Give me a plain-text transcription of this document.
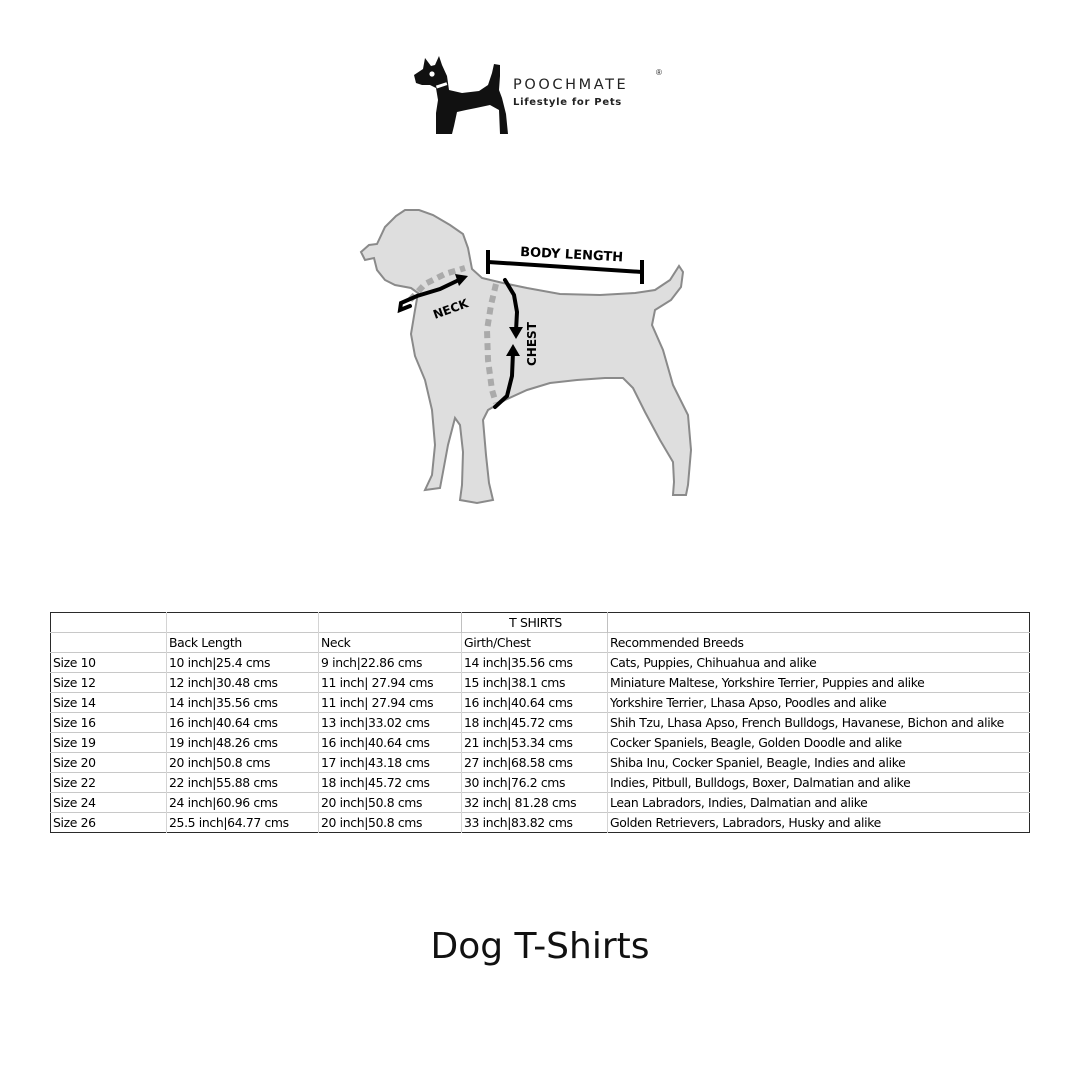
POOCHMATE
®
Lifestyle for Pets
BODY LENGTH
NECK
CHEST
			T SHIRTS	
	Back Length	Neck	Girth/Chest	Recommended Breeds
Size 10	10 inch|25.4 cms	9 inch|22.86 cms	14 inch|35.56 cms	Cats, Puppies, Chihuahua and alike
Size 12	12 inch|30.48 cms	11 inch| 27.94 cms	15 inch|38.1 cms	Miniature Maltese, Yorkshire Terrier, Puppies and alike
Size 14	14 inch|35.56 cms	11 inch| 27.94 cms	16 inch|40.64 cms	Yorkshire Terrier, Lhasa Apso, Poodles and alike
Size 16	16 inch|40.64 cms	13 inch|33.02 cms	18 inch|45.72 cms	Shih Tzu, Lhasa Apso, French Bulldogs, Havanese, Bichon and alike
Size 19	19 inch|48.26 cms	16 inch|40.64 cms	21 inch|53.34 cms	Cocker Spaniels, Beagle, Golden Doodle and alike
Size 20	20 inch|50.8 cms	17 inch|43.18 cms	27 inch|68.58 cms	Shiba Inu, Cocker Spaniel, Beagle, Indies and alike
Size 22	22 inch|55.88 cms	18 inch|45.72 cms	30 inch|76.2 cms	Indies, Pitbull, Bulldogs, Boxer, Dalmatian and alike
Size 24	24 inch|60.96 cms	20 inch|50.8 cms	32 inch| 81.28 cms	Lean Labradors, Indies, Dalmatian and alike
Size 26	25.5 inch|64.77 cms	20 inch|50.8 cms	33 inch|83.82 cms	Golden Retrievers, Labradors, Husky and alike
Dog T-Shirts
